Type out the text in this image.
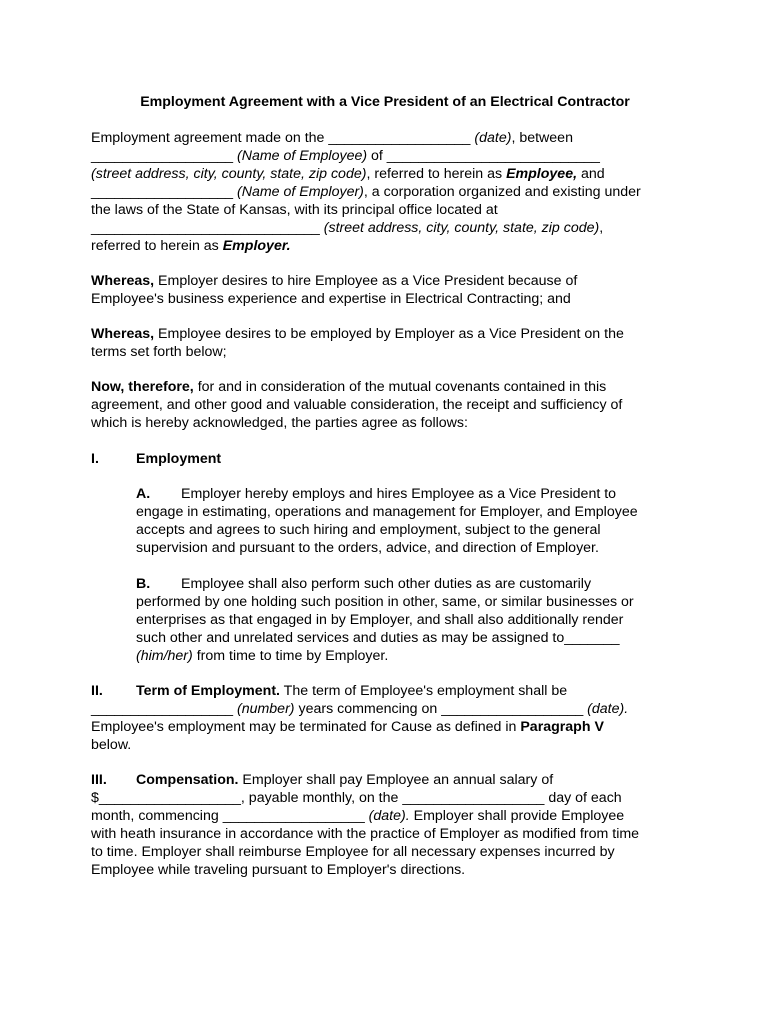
Employment Agreement with a Vice President of an Electrical Contractor
Employment agreement made on the __________________ (date), between
__________________ (Name of Employee) of ___________________________
(street address, city, county, state, zip code), referred to herein as Employee, and
__________________ (Name of Employer), a corporation organized and existing under
the laws of the State of Kansas, with its principal office located at
_____________________________ (street address, city, county, state, zip code),
referred to herein as Employer.
Whereas, Employer desires to hire Employee as a Vice President because of
Employee's business experience and expertise in Electrical Contracting; and
Whereas, Employee desires to be employed by Employer as a Vice President on the
terms set forth below;
Now, therefore, for and in consideration of the mutual covenants contained in this
agreement, and other good and valuable consideration, the receipt and sufficiency of
which is hereby acknowledged, the parties agree as follows:
I.	Employment
A. Employer hereby employs and hires Employee as a Vice President to
engage in estimating, operations and management for Employer, and Employee
accepts and agrees to such hiring and employment, subject to the general
supervision and pursuant to the orders, advice, and direction of Employer.
B. Employee shall also perform such other duties as are customarily
performed by one holding such position in other, same, or similar businesses or
enterprises as that engaged in by Employer, and shall also additionally render
such other and unrelated services and duties as may be assigned to_______
(him/her) from time to time by Employer.
II. Term of Employment. The term of Employee's employment shall be
__________________ (number) years commencing on __________________ (date).
Employee's employment may be terminated for Cause as defined in Paragraph V
below.
III. Compensation. Employer shall pay Employee an annual salary of
$__________________, payable monthly, on the __________________ day of each
month, commencing __________________ (date). Employer shall provide Employee
with heath insurance in accordance with the practice of Employer as modified from time
to time. Employer shall reimburse Employee for all necessary expenses incurred by
Employee while traveling pursuant to Employer's directions.
